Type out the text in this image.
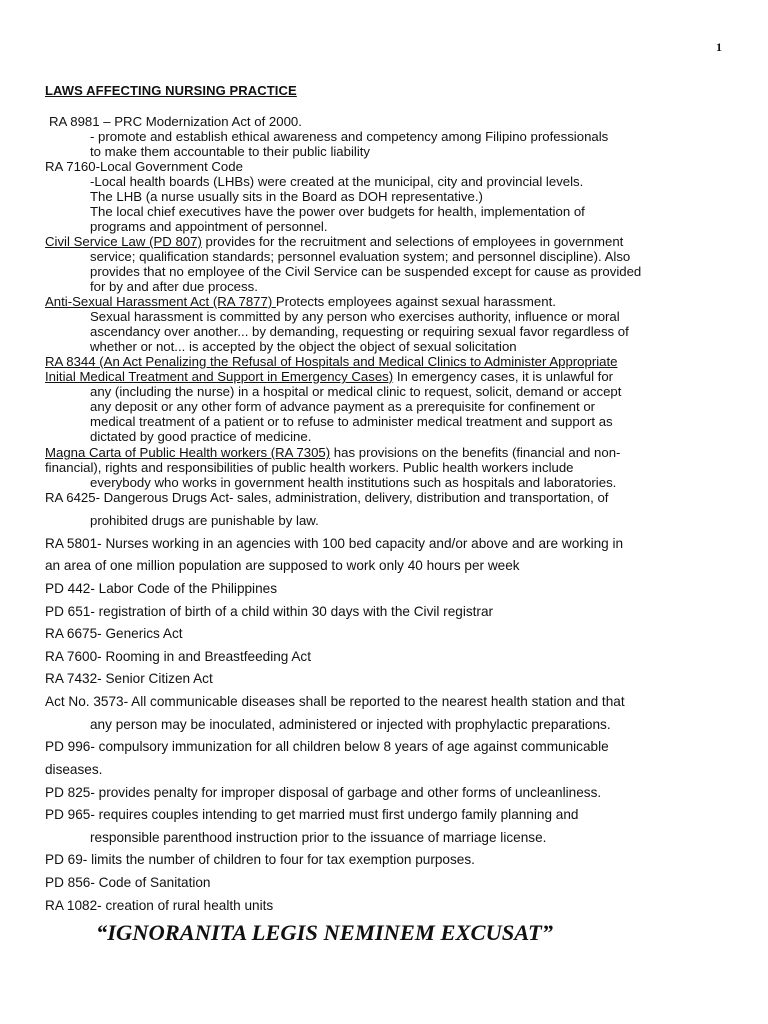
1
LAWS AFFECTING NURSING PRACTICE
RA 8981 – PRC Modernization Act of 2000.
- promote and establish ethical awareness and competency among Filipino professionals
to make them accountable to their public liability
RA 7160-Local Government Code
-Local health boards (LHBs) were created at the municipal, city and provincial levels.
The LHB (a nurse usually sits in the Board as DOH representative.)
The local chief executives have the power over budgets for health, implementation of
programs and appointment of personnel.
Civil Service Law (PD 807) provides for the recruitment and selections of employees in government
service; qualification standards; personnel evaluation system; and personnel discipline). Also
provides that no employee of the Civil Service can be suspended except for cause as provided
for by and after due process.
Anti-Sexual Harassment Act (RA 7877) Protects employees against sexual harassment.
Sexual harassment is committed by any person who exercises authority, influence or moral
ascendancy over another... by demanding, requesting or requiring sexual favor regardless of
whether or not... is accepted by the object the object of sexual solicitation
RA 8344 (An Act Penalizing the Refusal of Hospitals and Medical Clinics to Administer Appropriate
Initial Medical Treatment and Support in Emergency Cases) In emergency cases, it is unlawful for
any (including the nurse) in a hospital or medical clinic to request, solicit, demand or accept
any deposit or any other form of advance payment as a prerequisite for confinement or
medical treatment of a patient or to refuse to administer medical treatment and support as
dictated by good practice of medicine.
Magna Carta of Public Health workers (RA 7305) has provisions on the benefits (financial and non-
financial), rights and responsibilities of public health workers. Public health workers include
everybody who works in government health institutions such as hospitals and laboratories.
RA 6425- Dangerous Drugs Act- sales, administration, delivery, distribution and transportation, of
prohibited drugs are punishable by law.
RA 5801- Nurses working in an agencies with 100 bed capacity and/or above and are working in
an area of one million population are supposed to work only 40 hours per week
PD 442- Labor Code of the Philippines
PD 651- registration of birth of a child within 30 days with the Civil registrar
RA 6675- Generics Act
RA 7600- Rooming in and Breastfeeding Act
RA 7432- Senior Citizen Act
Act No. 3573- All communicable diseases shall be reported to the nearest health station and that
any person may be inoculated, administered or injected with prophylactic preparations.
PD 996- compulsory immunization for all children below 8 years of age against communicable
diseases.
PD 825- provides penalty for improper disposal of garbage and other forms of uncleanliness.
PD 965- requires couples intending to get married must first undergo family planning and
responsible parenthood instruction prior to the issuance of marriage license.
PD 69- limits the number of children to four for tax exemption purposes.
PD 856- Code of Sanitation
RA 1082- creation of rural health units
“IGNORANITA LEGIS NEMINEM EXCUSAT”
